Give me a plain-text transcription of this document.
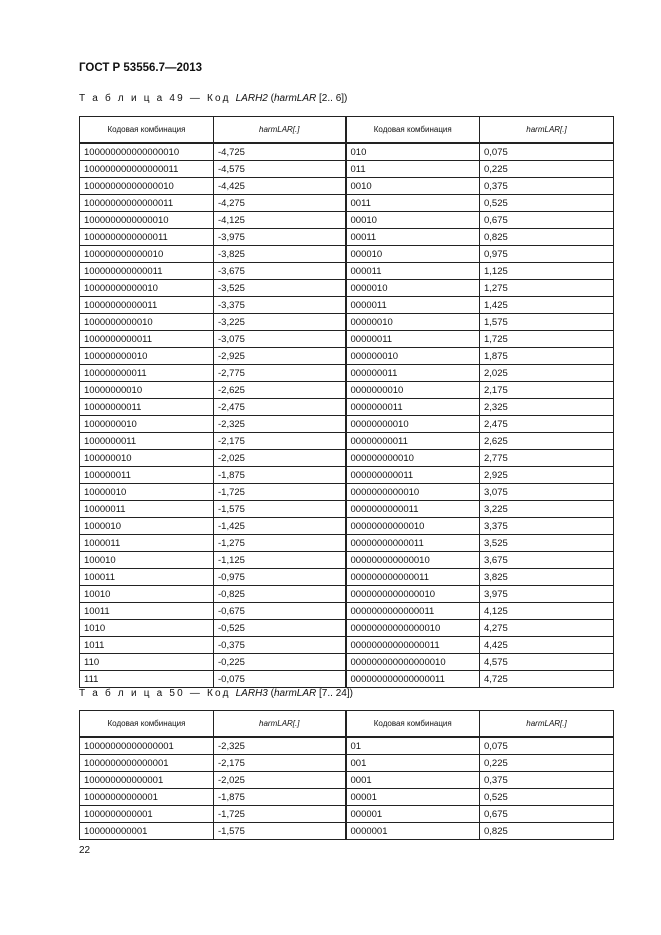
ГОСТ Р 53556.7—2013
Т а б л и ц а 49 — Код LARH2 (harmLAR [2.. 6])
Кодовая комбинация	harmLAR[.]	Кодовая комбинация	harmLAR[.]
100000000000000010	-4,725	010	0,075
100000000000000011	-4,575	011	0,225
10000000000000010	-4,425	0010	0,375
10000000000000011	-4,275	0011	0,525
1000000000000010	-4,125	00010	0,675
1000000000000011	-3,975	00011	0,825
100000000000010	-3,825	000010	0,975
100000000000011	-3,675	000011	1,125
10000000000010	-3,525	0000010	1,275
10000000000011	-3,375	0000011	1,425
1000000000010	-3,225	00000010	1,575
1000000000011	-3,075	00000011	1,725
100000000010	-2,925	000000010	1,875
100000000011	-2,775	000000011	2,025
10000000010	-2,625	0000000010	2,175
10000000011	-2,475	0000000011	2,325
1000000010	-2,325	00000000010	2,475
1000000011	-2,175	00000000011	2,625
100000010	-2,025	000000000010	2,775
100000011	-1,875	000000000011	2,925
10000010	-1,725	0000000000010	3,075
10000011	-1,575	0000000000011	3,225
1000010	-1,425	00000000000010	3,375
1000011	-1,275	00000000000011	3,525
100010	-1,125	000000000000010	3,675
100011	-0,975	000000000000011	3,825
10010	-0,825	0000000000000010	3,975
10011	-0,675	0000000000000011	4,125
1010	-0,525	00000000000000010	4,275
1011	-0,375	00000000000000011	4,425
110	-0,225	000000000000000010	4,575
111	-0,075	000000000000000011	4,725
Т а б л и ц а 50 — Код LARH3 (harmLAR [7.. 24])
Кодовая комбинация	harmLAR[.]	Кодовая комбинация	harmLAR[.]
10000000000000001	-2,325	01	0,075
1000000000000001	-2,175	001	0,225
100000000000001	-2,025	0001	0,375
10000000000001	-1,875	00001	0,525
1000000000001	-1,725	000001	0,675
100000000001	-1,575	0000001	0,825
22
